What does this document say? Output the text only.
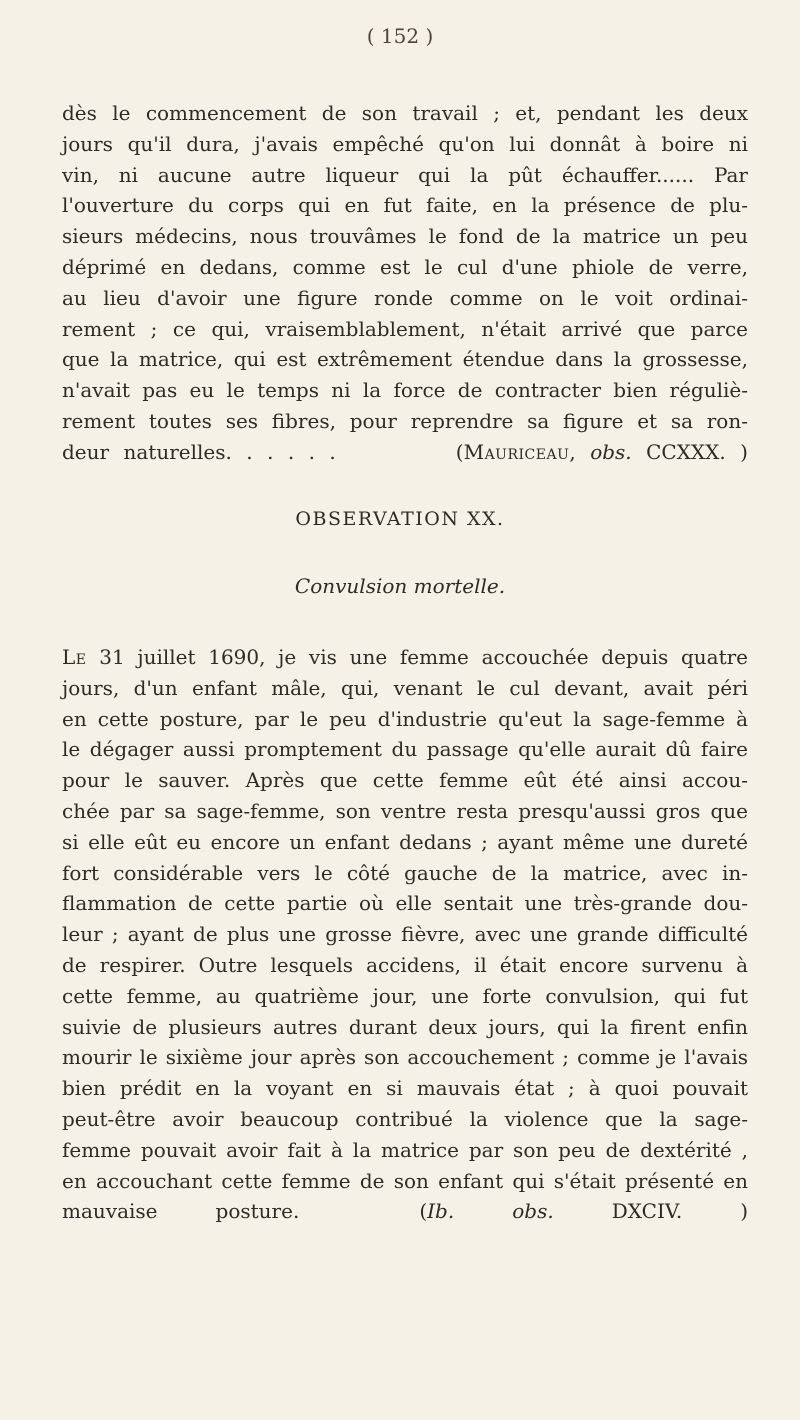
( 152 )
dès le commencement de son travail ; et, pendant les deux
jours qu'il dura, j'avais empêché qu'on lui donnât à boire ni
vin, ni aucune autre liqueur qui la pût échauffer...... Par
l'ouverture du corps qui en fut faite, en la présence de plu-
sieurs médecins, nous trouvâmes le fond de la matrice un peu
déprimé en dedans, comme est le cul d'une phiole de verre,
au lieu d'avoir une figure ronde comme on le voit ordinai-
rement ; ce qui, vraisemblablement, n'était arrivé que parce
que la matrice, qui est extrêmement étendue dans la grossesse,
n'avait pas eu le temps ni la force de contracter bien réguliè-
rement toutes ses fibres, pour reprendre sa figure et sa ron-
deur naturelles. . . . . .	(Mauriceau, obs. CCXXX. )
OBSERVATION XX.
Convulsion mortelle.
Le 31 juillet 1690, je vis une femme accouchée depuis quatre
jours, d'un enfant mâle, qui, venant le cul devant, avait péri
en cette posture, par le peu d'industrie qu'eut la sage-femme à
le dégager aussi promptement du passage qu'elle aurait dû faire
pour le sauver. Après que cette femme eût été ainsi accou-
chée par sa sage-femme, son ventre resta presqu'aussi gros que
si elle eût eu encore un enfant dedans ; ayant même une dureté
fort considérable vers le côté gauche de la matrice, avec in-
flammation de cette partie où elle sentait une très-grande dou-
leur ; ayant de plus une grosse fièvre, avec une grande difficulté
de respirer. Outre lesquels accidens, il était encore survenu à
cette femme, au quatrième jour, une forte convulsion, qui fut
suivie de plusieurs autres durant deux jours, qui la firent enfin
mourir le sixième jour après son accouchement ; comme je l'avais
bien prédit en la voyant en si mauvais état ; à quoi pouvait
peut-être avoir beaucoup contribué la violence que la sage-
femme pouvait avoir fait à la matrice par son peu de dextérité ,
en accouchant cette femme de son enfant qui s'était présenté en
mauvaise posture.	(Ib. obs. DXCIV. )
